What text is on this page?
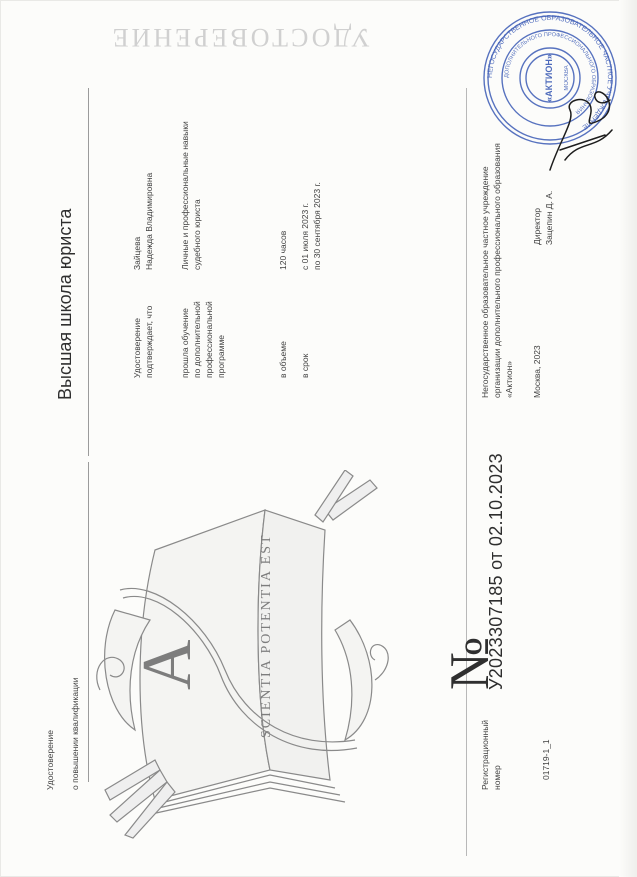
УДОСТОВЕРЕНИЕ
Удостоверение о повышении квалификации	Регистрационный номер	01719-1_1
№
У2023307185 от 02.10.2023
A	SCIENTIA POTENTIA EST
Высшая школа юриста	Удостоверение подтверждает, что
Зайцева Надежда Владимировна
прошла обучение по дополнительной профессиональной программе
Личные и профессиональные навыки судебного юриста
в объеме
120 часов
в срок
с 01 июля 2023 г. по 30 сентября 2023 г.	Негосударственное образовательное частное учреждение организации дополнительного профессионального образования «Актион» Москва, 2023
Директор Зацепин Д. А.
НЕГОСУДАРСТВЕННОЕ ОБРАЗОВАТЕЛЬНОЕ ЧАСТНОЕ УЧРЕЖДЕНИЕ
ДОПОЛНИТЕЛЬНОГО ПРОФЕССИОНАЛЬНОГО ОБРАЗОВАНИЯ
«АКТИОН» МОСКВА
